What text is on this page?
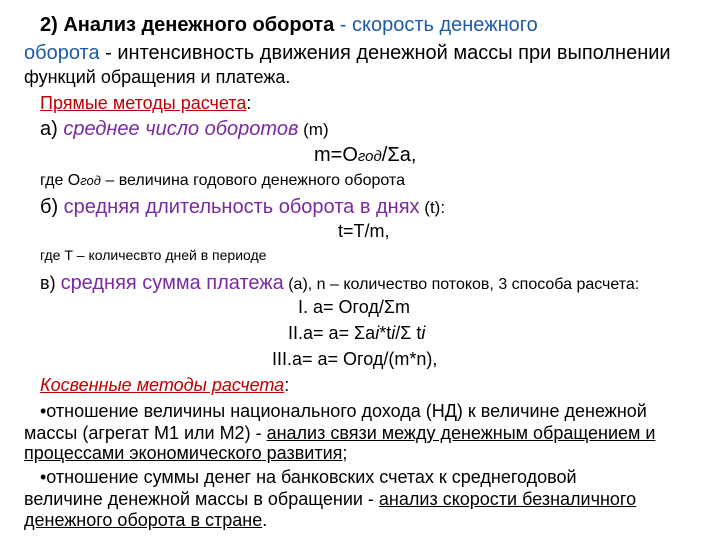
2) Анализ денежного оборота - скорость денежного
оборота - интенсивность движения денежной массы при выполнении
функций обращения и платежа.
Прямые методы расчета:
а) среднее число оборотов (m)
m=Oгод/Σa,
где Oгод – величина годового денежного оборота
б) средняя длительность оборота в днях (t):
t=T/m,
где Т – количесвто дней в периоде
в) средняя сумма платежа (a), n – количество потоков, 3 способа расчета:
I. a= Огод/Σm
II.a= a= Σai*ti/Σ ti
III.a= a= Огод/(m*n),
Косвенные методы расчета:
•отношение величины национального дохода (НД) к величине денежной
массы (агрегат М1 или М2) - анализ связи между денежным обращением и
процессами экономического развития;
•отношение суммы денег на банковских счетах к среднегодовой
величине денежной массы в обращении - анализ скорости безналичного
денежного оборота в стране.
